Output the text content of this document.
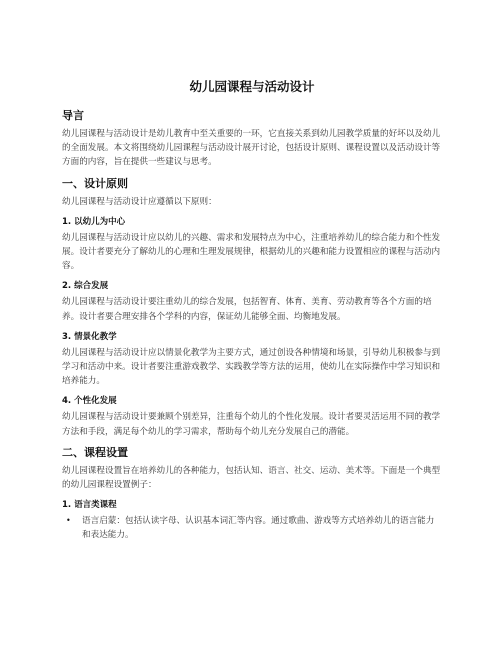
幼儿园课程与活动设计
导言

幼儿园课程与活动设计是幼儿教育中至关重要的一环，它直接关系到幼儿园教学质量的好坏以及幼儿的全面发展。本文将围绕幼儿园课程与活动设计展开讨论，包括设计原则、课程设置以及活动设计等方面的内容，旨在提供一些建议与思考。

一、设计原则

幼儿园课程与活动设计应遵循以下原则：

1. 以幼儿为中心

幼儿园课程与活动设计应以幼儿的兴趣、需求和发展特点为中心，注重培养幼儿的综合能力和个性发展。设计者要充分了解幼儿的心理和生理发展规律，根据幼儿的兴趣和能力设置相应的课程与活动内容。

2. 综合发展

幼儿园课程与活动设计要注重幼儿的综合发展，包括智育、体育、美育、劳动教育等各个方面的培养。设计者要合理安排各个学科的内容，保证幼儿能够全面、均衡地发展。

3. 情景化教学

幼儿园课程与活动设计应以情景化教学为主要方式，通过创设各种情境和场景，引导幼儿积极参与到学习和活动中来。设计者要注重游戏教学、实践教学等方法的运用，使幼儿在实际操作中学习知识和培养能力。

4. 个性化发展

幼儿园课程与活动设计要兼顾个别差异，注重每个幼儿的个性化发展。设计者要灵活运用不同的教学方法和手段，满足每个幼儿的学习需求，帮助每个幼儿充分发展自己的潜能。

二、课程设置

幼儿园课程设置旨在培养幼儿的各种能力，包括认知、语言、社交、运动、美术等。下面是一个典型的幼儿园课程设置例子：

1. 语言类课程
• 语言启蒙：包括认读字母、认识基本词汇等内容。通过歌曲、游戏等方式培养幼儿的语言能力和表达能力。
